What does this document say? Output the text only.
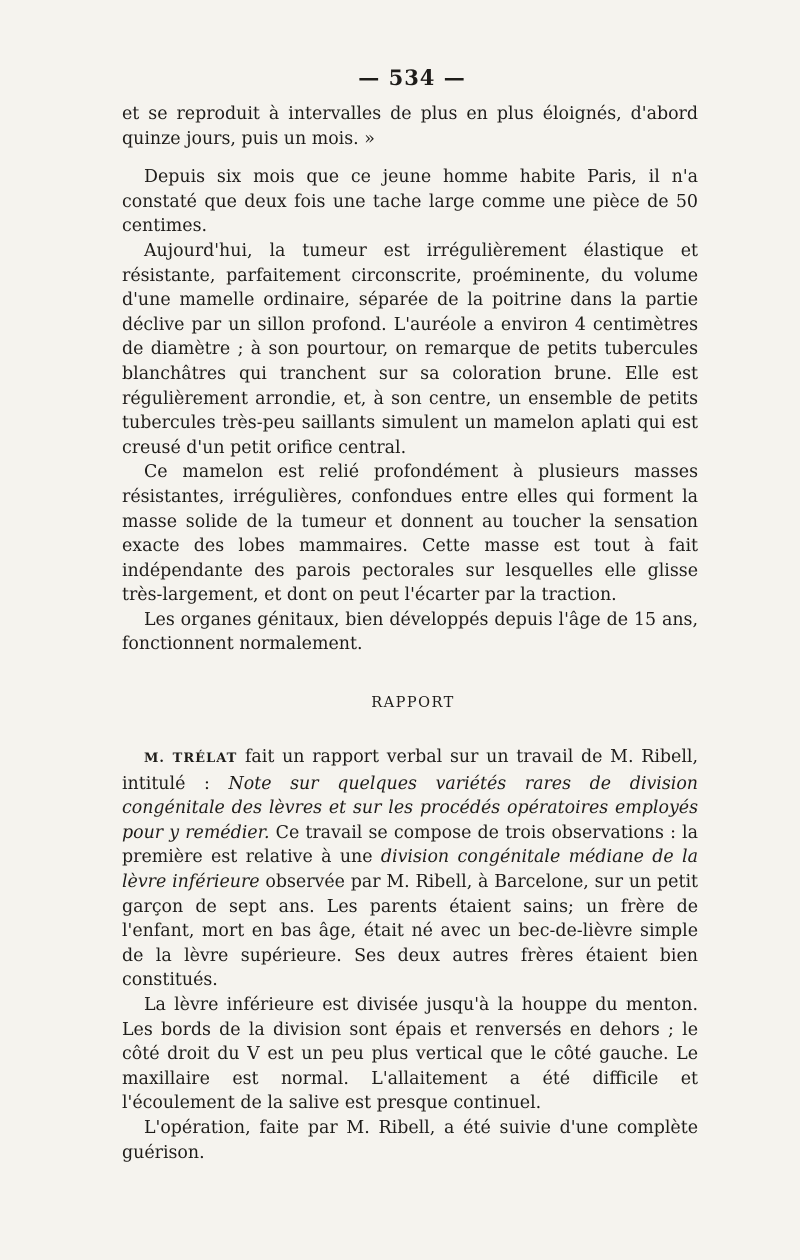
— 534 —

et se reproduit à intervalles de plus en plus éloignés, d'abord quinze jours, puis un mois. »

Depuis six mois que ce jeune homme habite Paris, il n'a constaté que deux fois une tache large comme une pièce de 50 centimes.

Aujourd'hui, la tumeur est irrégulièrement élastique et résistante, parfaitement circonscrite, proéminente, du volume d'une mamelle ordinaire, séparée de la poitrine dans la partie déclive par un sillon profond. L'auréole a environ 4 centimètres de diamètre ; à son pourtour, on remarque de petits tubercules blanchâtres qui tranchent sur sa coloration brune. Elle est régulièrement arrondie, et, à son centre, un ensemble de petits tubercules très-peu saillants simulent un mamelon aplati qui est creusé d'un petit orifice central.

Ce mamelon est relié profondément à plusieurs masses résistantes, irrégulières, confondues entre elles qui forment la masse solide de la tumeur et donnent au toucher la sensation exacte des lobes mammaires. Cette masse est tout à fait indépendante des parois pectorales sur lesquelles elle glisse très-largement, et dont on peut l'écarter par la traction.

Les organes génitaux, bien développés depuis l'âge de 15 ans, fonctionnent normalement.

RAPPORT

M. TRÉLAT fait un rapport verbal sur un travail de M. Ribell, intitulé : Note sur quelques variétés rares de division congénitale des lèvres et sur les procédés opératoires employés pour y remédier. Ce travail se compose de trois observations : la première est relative à une division congénitale médiane de la lèvre inférieure observée par M. Ribell, à Barcelone, sur un petit garçon de sept ans. Les parents étaient sains; un frère de l'enfant, mort en bas âge, était né avec un bec-de-lièvre simple de la lèvre supérieure. Ses deux autres frères étaient bien constitués.

La lèvre inférieure est divisée jusqu'à la houppe du menton. Les bords de la division sont épais et renversés en dehors ; le côté droit du V est un peu plus vertical que le côté gauche. Le maxillaire est normal. L'allaitement a été difficile et l'écoulement de la salive est presque continuel.

L'opération, faite par M. Ribell, a été suivie d'une complète guérison.
